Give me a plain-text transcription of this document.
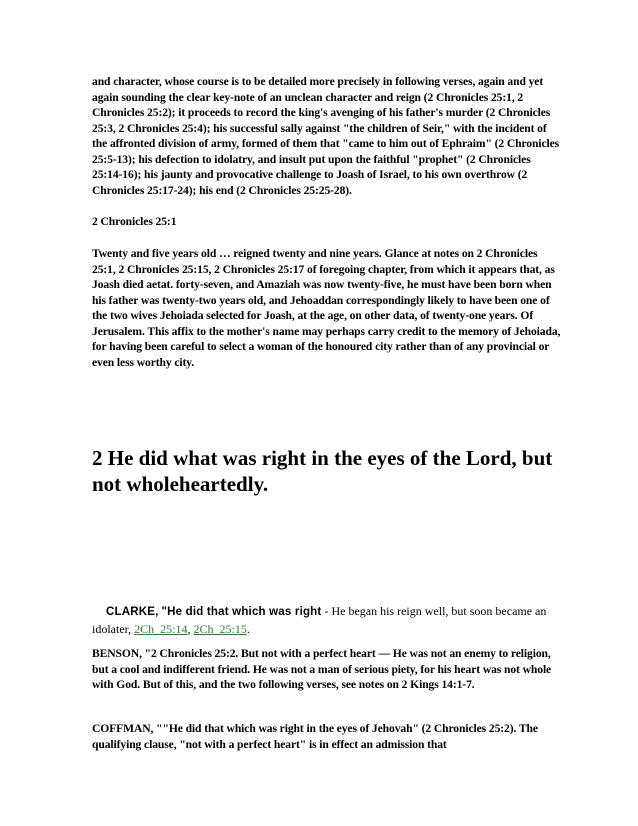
and character, whose course is to be detailed more precisely in following verses, again and yet again sounding the clear key-note of an unclean character and reign (2 Chronicles 25:1, 2 Chronicles 25:2); it proceeds to record the king's avenging of his father's murder (2 Chronicles 25:3, 2 Chronicles 25:4); his successful sally against "the children of Seir," with the incident of the affronted division of army, formed of them that "came to him out of Ephraim" (2 Chronicles 25:5-13); his defection to idolatry, and insult put upon the faithful "prophet" (2 Chronicles 25:14-16); his jaunty and provocative challenge to Joash of Israel, to his own overthrow (2 Chronicles 25:17-24); his end (2 Chronicles 25:25-28).

2 Chronicles 25:1

Twenty and five years old … reigned twenty and nine years. Glance at notes on 2 Chronicles 25:1, 2 Chronicles 25:15, 2 Chronicles 25:17 of foregoing chapter, from which it appears that, as Joash died aetat. forty-seven, and Amaziah was now twenty-five, he must have been born when his father was twenty-two years old, and Jehoaddan correspondingly likely to have been one of the two wives Jehoiada selected for Joash, at the age, on other data, of twenty-one years. Of Jerusalem. This affix to the mother's name may perhaps carry credit to the memory of Jehoiada, for having been careful to select a woman of the honoured city rather than of any provincial or even less worthy city.

2 He did what was right in the eyes of the Lord, but not wholeheartedly.

CLARKE, "He did that which was right - He began his reign well, but soon became an idolater, 2Ch_25:14, 2Ch_25:15.

BENSON, "2 Chronicles 25:2. But not with a perfect heart — He was not an enemy to religion, but a cool and indifferent friend. He was not a man of serious piety, for his heart was not whole with God. But of this, and the two following verses, see notes on 2 Kings 14:1-7.

COFFMAN, ""He did that which was right in the eyes of Jehovah" (2 Chronicles 25:2). The qualifying clause, "not with a perfect heart" is in effect an admission that
